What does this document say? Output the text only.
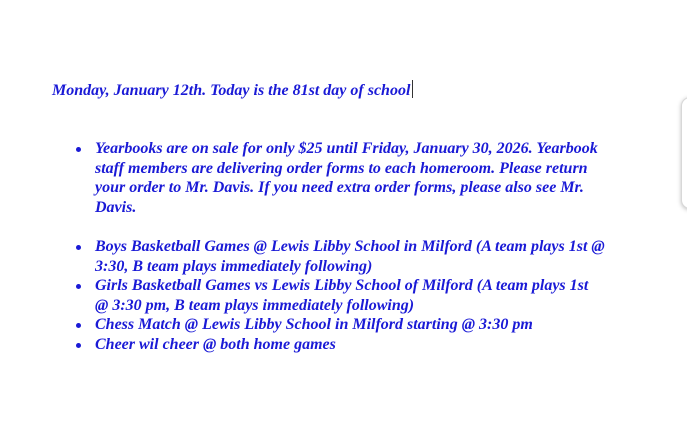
Monday, January 12th. Today is the 81st day of school
Yearbooks are on sale for only $25 until Friday, January 30, 2026. Yearbook staff members are delivering order forms to each homeroom. Please return your order to Mr. Davis. If you need extra order forms, please also see Mr. Davis.
Boys Basketball Games @ Lewis Libby School in Milford (A team plays 1st @ 3:30, B team plays immediately following)
Girls Basketball Games vs Lewis Libby School of Milford (A team plays 1st @ 3:30 pm, B team plays immediately following)
Chess Match @ Lewis Libby School in Milford starting @ 3:30 pm
Cheer wil cheer @ both home games
